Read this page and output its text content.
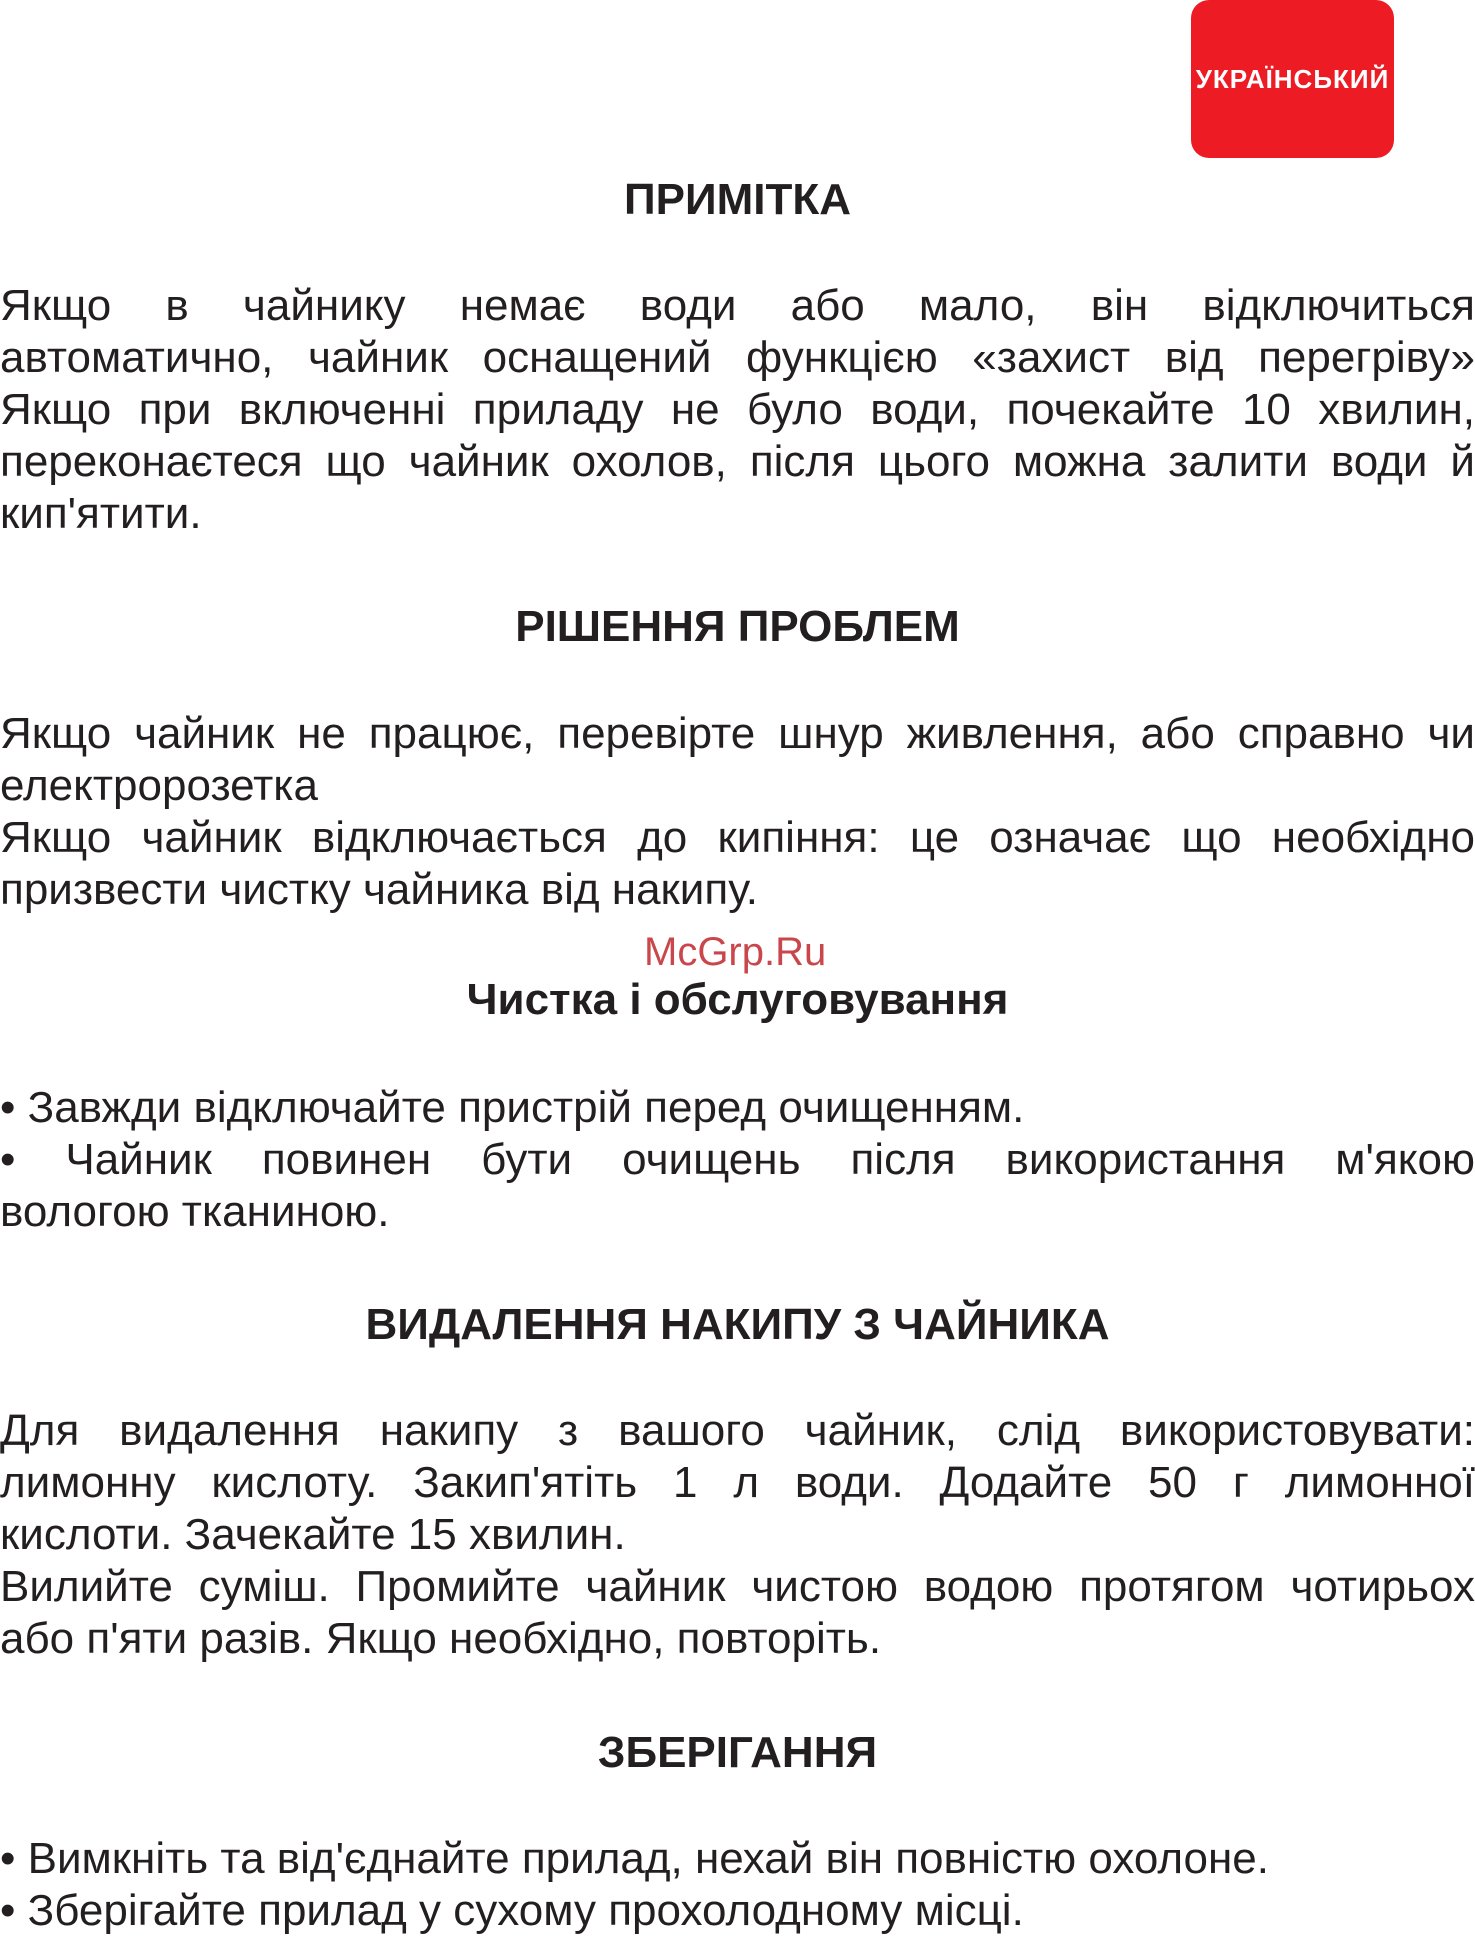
УКРАЇНСЬКИЙ
ПРИМІТКА
Якщо в чайнику немає води або мало, він відключиться
автоматично, чайник оснащений функцією «захист від перегріву»
Якщо при включенні приладу не було води, почекайте 10 хвилин,
переконаєтеся що чайник охолов, після цього можна залити води й
кип'ятити.
РІШЕННЯ ПРОБЛЕМ
Якщо чайник не працює, перевірте шнур живлення, або справно чи
електророзетка
Якщо чайник відключається до кипіння: це означає що необхідно
призвести чистку чайника від накипу.
McGrp.Ru
Чистка і обслуговування
• Завжди відключайте пристрій перед очищенням.
• Чайник повинен бути очищень після використання м'якою
вологою тканиною.
ВИДАЛЕННЯ НАКИПУ З ЧАЙНИКА
Для видалення накипу з вашого чайник, слід використовувати:
лимонну кислоту. Закип'ятіть 1 л води. Додайте 50 г лимонної
кислоти. Зачекайте 15 хвилин.
Вилийте суміш. Промийте чайник чистою водою протягом чотирьох
або п'яти разів. Якщо необхідно, повторіть.
ЗБЕРІГАННЯ
• Вимкніть та від'єднайте прилад, нехай він повністю охолоне.
• Зберігайте прилад у сухому прохолодному місці.
